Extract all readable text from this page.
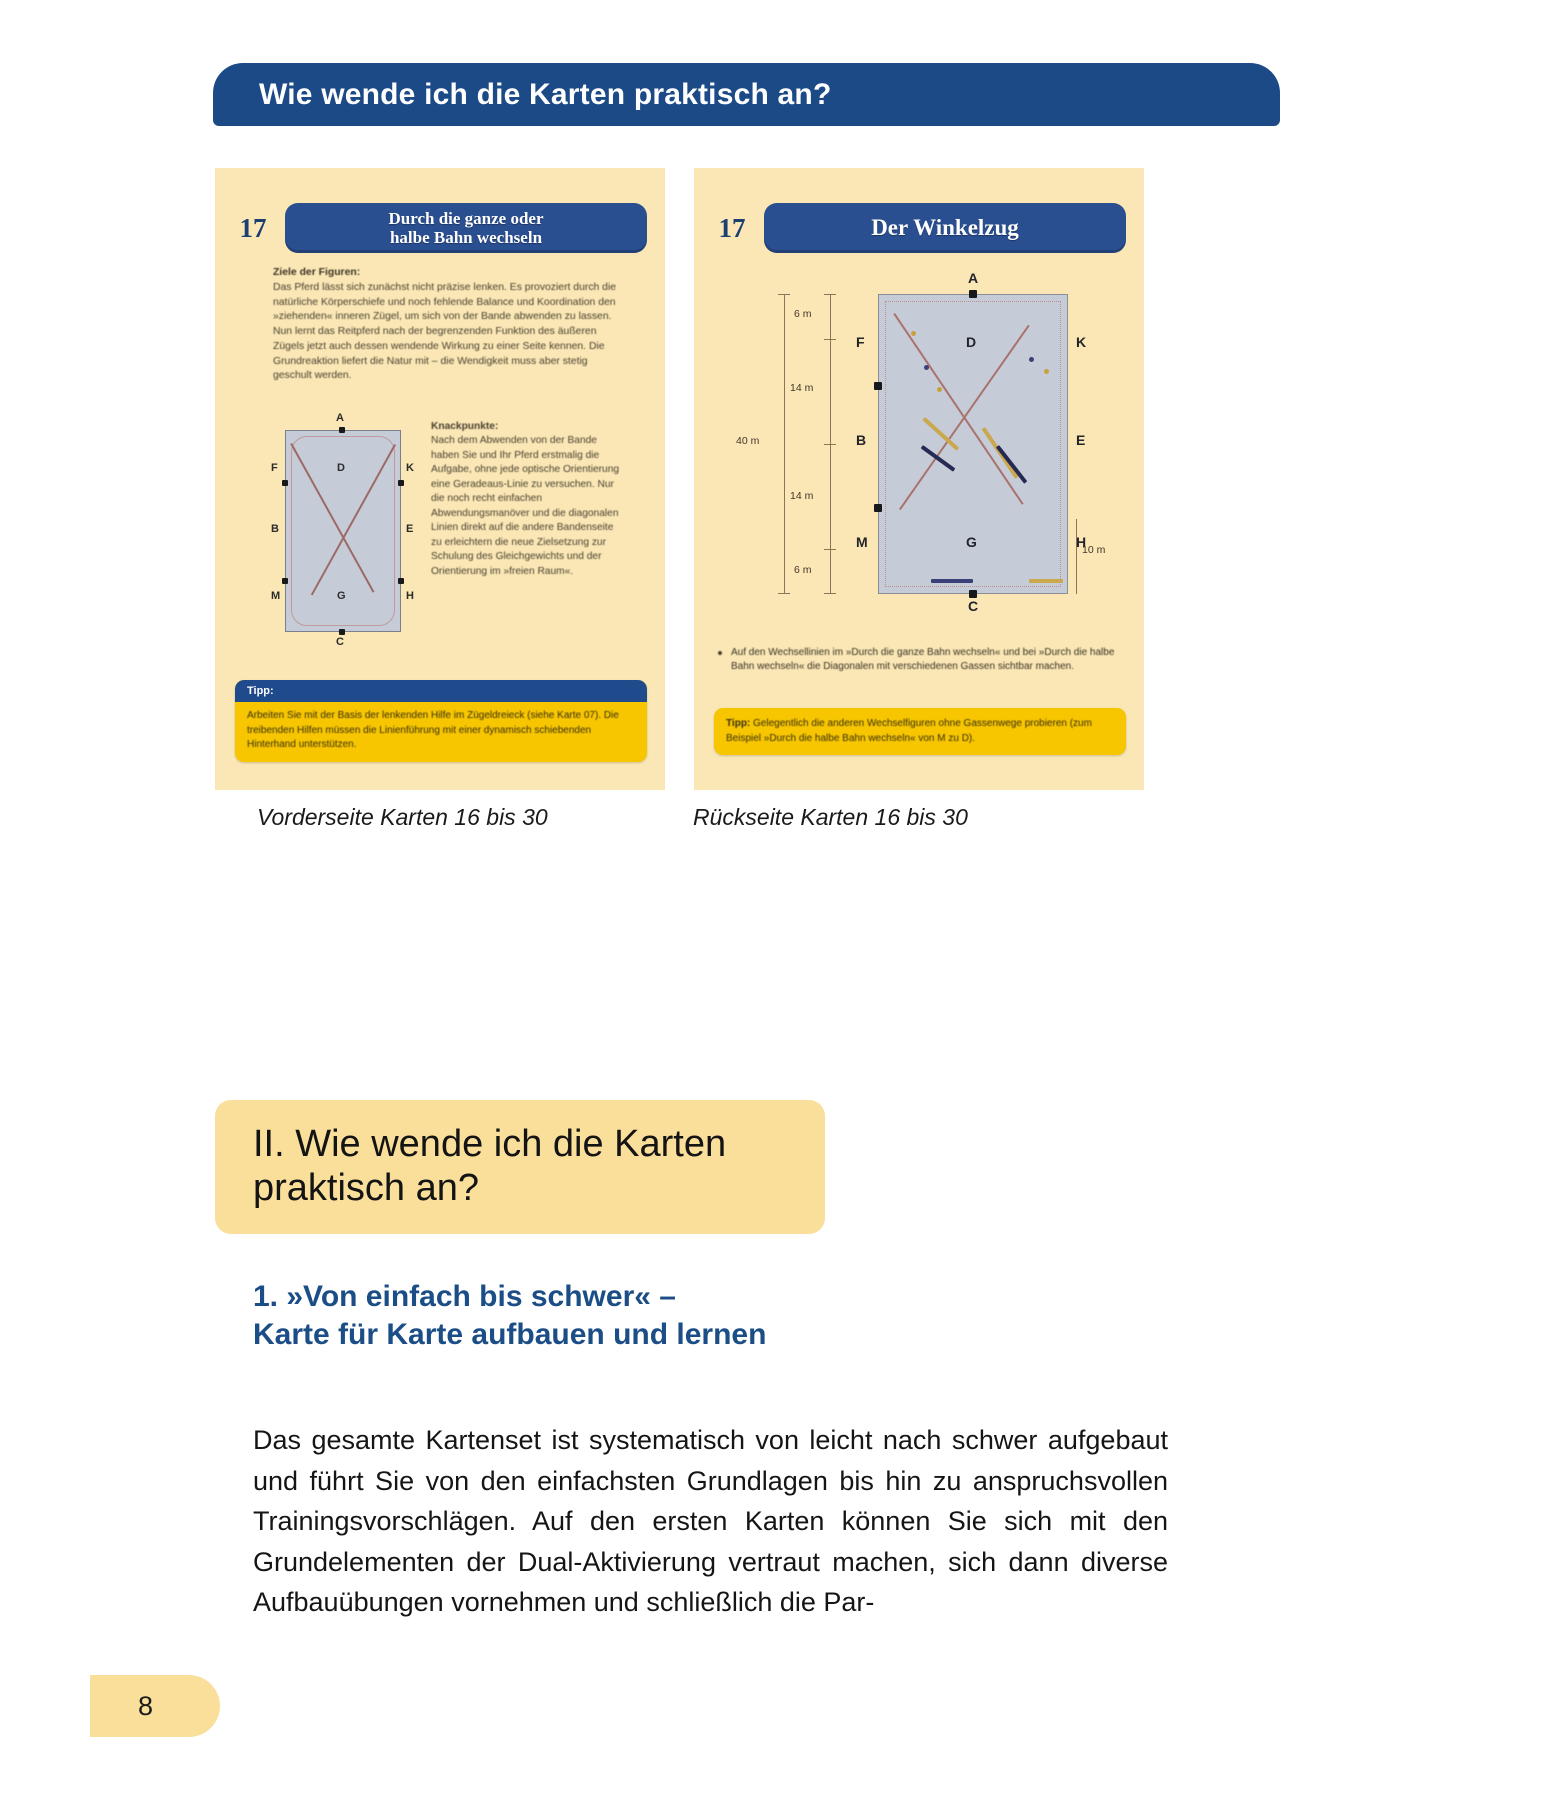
Wie wende ich die Karten praktisch an?
17	Durch die ganze oder
halbe Bahn wechseln
Ziele der Figuren:
Das Pferd lässt sich zunächst nicht präzise lenken. Es provoziert durch die natürliche Körperschiefe und noch fehlende Balance und Koordination den »ziehenden« inneren Zügel, um sich von der Bande abwenden zu lassen. Nun lernt das Reitpferd nach der begrenzenden Funktion des äußeren Zügels jetzt auch dessen wendende Wirkung zu einer Seite kennen. Die Grundreaktion liefert die Natur mit – die Wendigkeit muss aber stetig geschult werden.
A
F	D	K
B	E
M	G	H
C
Knackpunkte:
Nach dem Abwenden von der Bande haben Sie und Ihr Pferd erstmalig die Aufgabe, ohne jede optische Orientierung eine Geradeaus-Linie zu versuchen. Nur die noch recht einfachen Abwendungsmanöver und die diagonalen Linien direkt auf die andere Bandenseite zu erleichtern die neue Zielsetzung zur Schulung des Gleichgewichts und der Orientierung im »freien Raum«.
Tipp:
Arbeiten Sie mit der Basis der lenkenden Hilfe im Zügeldreieck (siehe Karte 07). Die treibenden Hilfen müssen die Linienführung mit einer dynamisch schiebenden Hinterhand unterstützen.
17	Der Winkelzug
40 m
6 m
14 m
14 m
6 m
10 m
A
F	D	K
B	E
M	G	H
C
Auf den Wechsellinien im »Durch die ganze Bahn wechseln« und bei »Durch die halbe Bahn wechseln« die Diagonalen mit verschiedenen Gassen sichtbar machen.
Tipp: Gelegentlich die anderen Wechselfiguren ohne Gassenwege probieren (zum Beispiel »Durch die halbe Bahn wechseln« von M zu D).
Vorderseite Karten 16 bis 30	Rückseite Karten 16 bis 30
II. Wie wende ich die Karten
praktisch an?
1. »Von einfach bis schwer« –
Karte für Karte aufbauen und lernen
Das gesamte Kartenset ist systematisch von leicht nach schwer aufgebaut und führt Sie von den einfachsten Grundlagen bis hin zu anspruchsvollen Trainingsvorschlägen. Auf den ersten Karten können Sie sich mit den Grundelementen der Dual-Aktivierung vertraut machen, sich dann diverse Aufbauübungen vornehmen und schließlich die Par-
8
